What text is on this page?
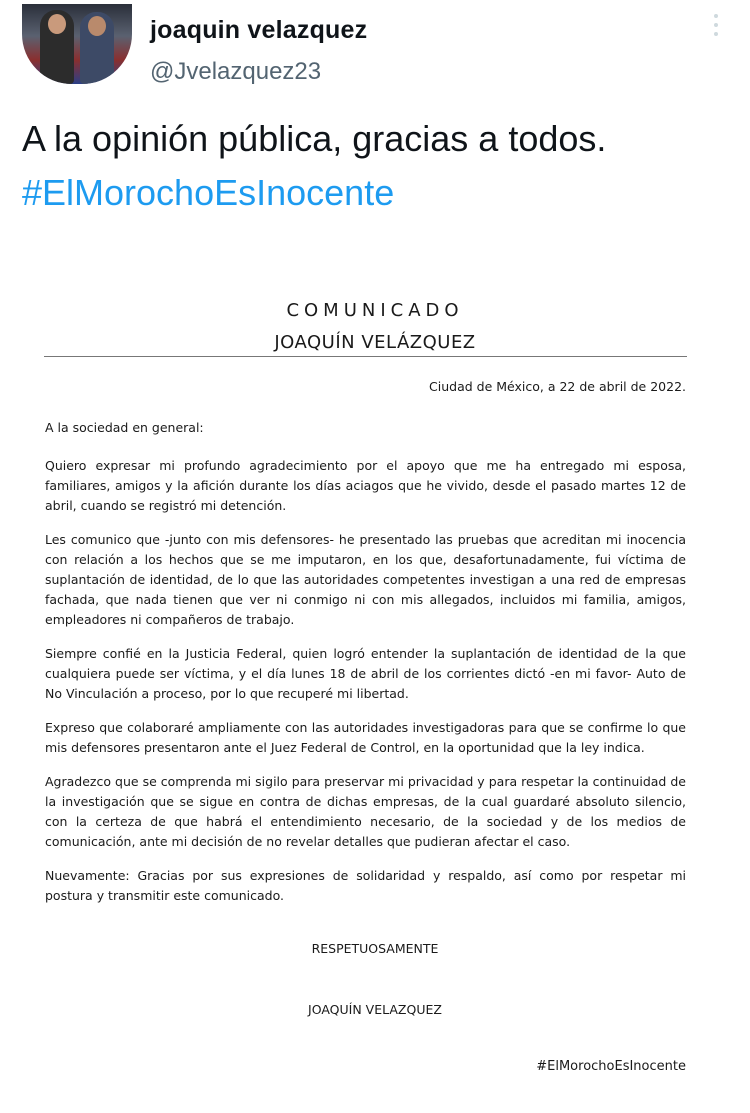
joaquin velazquez
@Jvelazquez23
A la opinión pública, gracias a todos.
#ElMorochoEsInocente
COMUNICADO
JOAQUÍN VELÁZQUEZ
Ciudad de México, a 22 de abril de 2022.

A la sociedad en general:

Quiero expresar mi profundo agradecimiento por el apoyo que me ha entregado mi esposa, familiares, amigos y la afición durante los días aciagos que he vivido, desde el pasado martes 12 de abril, cuando se registró mi detención.

Les comunico que -junto con mis defensores- he presentado las pruebas que acreditan mi inocencia con relación a los hechos que se me imputaron, en los que, desafortunadamente, fui víctima de suplantación de identidad, de lo que las autoridades competentes investigan a una red de empresas fachada, que nada tienen que ver ni conmigo ni con mis allegados, incluidos mi familia, amigos, empleadores ni compañeros de trabajo.

Siempre confié en la Justicia Federal, quien logró entender la suplantación de identidad de la que cualquiera puede ser víctima, y el día lunes 18 de abril de los corrientes dictó -en mi favor- Auto de No Vinculación a proceso, por lo que recuperé mi libertad.

Expreso que colaboraré ampliamente con las autoridades investigadoras para que se confirme lo que mis defensores presentaron ante el Juez Federal de Control, en la oportunidad que la ley indica.

Agradezco que se comprenda mi sigilo para preservar mi privacidad y para respetar la continuidad de la investigación que se sigue en contra de dichas empresas, de la cual guardaré absoluto silencio, con la certeza de que habrá el entendimiento necesario, de la sociedad y de los medios de comunicación, ante mi decisión de no revelar detalles que pudieran afectar el caso.

Nuevamente: Gracias por sus expresiones de solidaridad y respaldo, así como por respetar mi postura y transmitir este comunicado.

RESPETUOSAMENTE
JOAQUÍN VELAZQUEZ
#ElMorochoEsInocente
